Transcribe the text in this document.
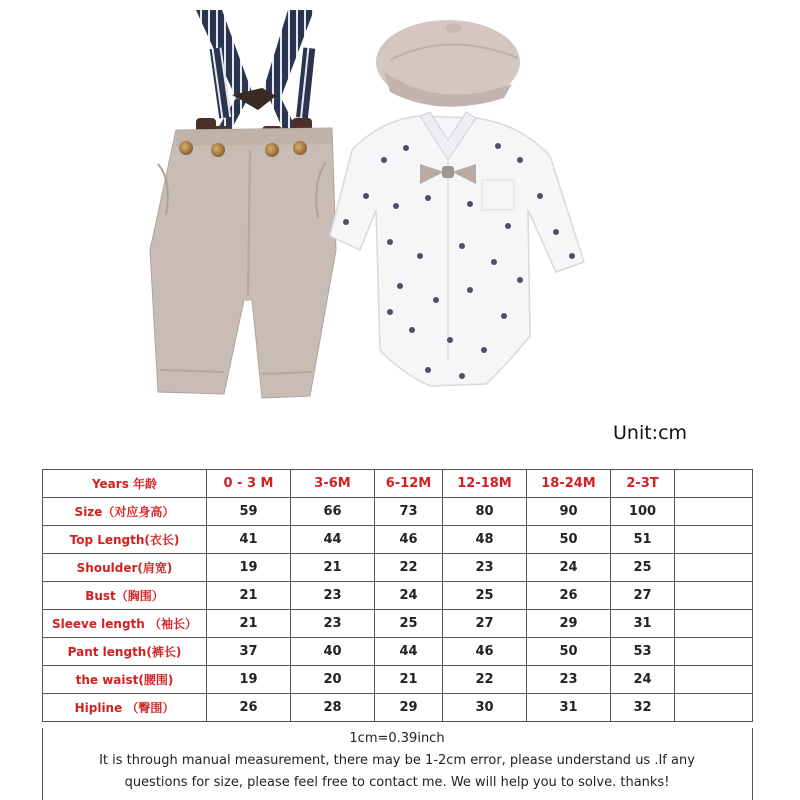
Unit:cm
Years 年龄	0 - 3 M	3-6M	6-12M	12-18M	18-24M	2-3T	
Size（对应身高）	59	66	73	80	90	100	
Top Length(衣长)	41	44	46	48	50	51	
Shoulder(肩宽)	19	21	22	23	24	25	
Bust（胸围）	21	23	24	25	26	27	
Sleeve length （袖长）	21	23	25	27	29	31	
Pant length(裤长)	37	40	44	46	50	53	
the waist(腰围)	19	20	21	22	23	24	
Hipline （臀围）	26	28	29	30	31	32	
1cm=0.39inch
It is through manual measurement, there may be 1-2cm error, please understand us .If any
questions for size, please feel free to contact me. We will help you to solve. thanks!
